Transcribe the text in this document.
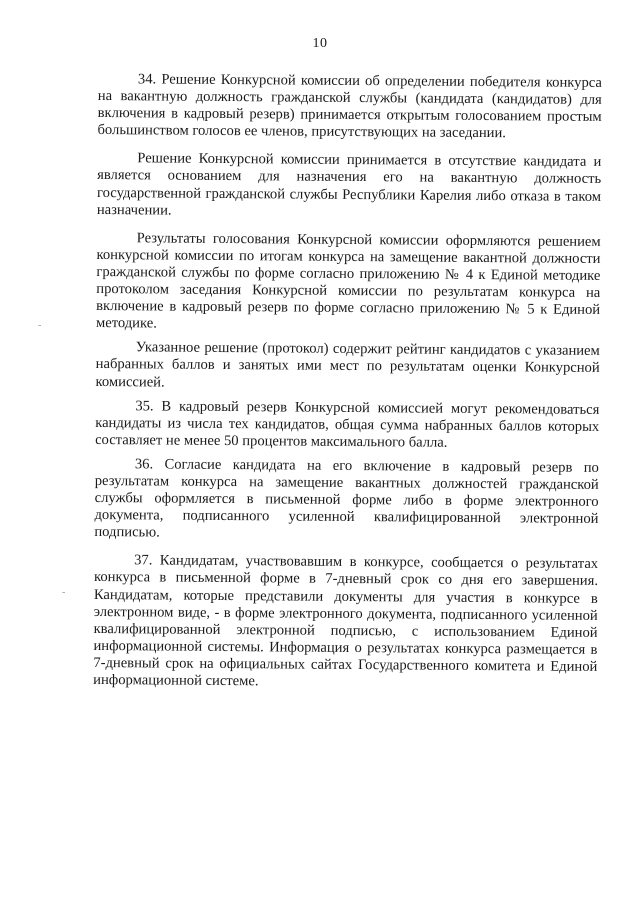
10

34. Решение Конкурсной комиссии об определении победителя конкурса на вакантную должность гражданской службы (кандидата (кандидатов) для включения в кадровый резерв) принимается открытым голосованием простым большинством голосов ее членов, присутствующих на заседании.

Решение Конкурсной комиссии принимается в отсутствие кандидата и является основанием для назначения его на вакантную должность государственной гражданской службы Республики Карелия либо отказа в таком назначении.

Результаты голосования Конкурсной комиссии оформляются решением конкурсной комиссии по итогам конкурса на замещение вакантной должности гражданской службы по форме согласно приложению № 4 к Единой методике протоколом заседания Конкурсной комиссии по результатам конкурса на включение в кадровый резерв по форме согласно приложению № 5 к Единой методике.

Указанное решение (протокол) содержит рейтинг кандидатов с указанием набранных баллов и занятых ими мест по результатам оценки Конкурсной комиссией.

35. В кадровый резерв Конкурсной комиссией могут рекомендоваться кандидаты из числа тех кандидатов, общая сумма набранных баллов которых составляет не менее 50 процентов максимального балла.

36. Согласие кандидата на его включение в кадровый резерв по результатам конкурса на замещение вакантных должностей гражданской службы оформляется в письменной форме либо в форме электронного документа, подписанного усиленной квалифицированной электронной подписью.

37. Кандидатам, участвовавшим в конкурсе, сообщается о результатах конкурса в письменной форме в 7-дневный срок со дня его завершения. Кандидатам, которые представили документы для участия в конкурсе в электронном виде, - в форме электронного документа, подписанного усиленной квалифицированной электронной подписью, с использованием Единой информационной системы. Информация о результатах конкурса размещается в 7-дневный срок на официальных сайтах Государственного комитета и Единой информационной системе.

-
-
